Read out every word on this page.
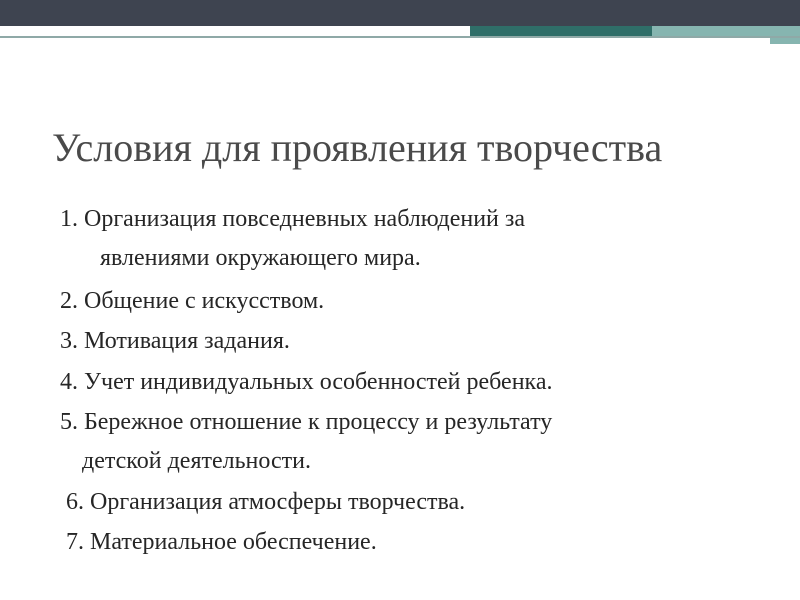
Условия для проявления творчества
1. Организация повседневных наблюдений за
явлениями окружающего мира.
2. Общение с искусством.
3. Мотивация задания.
4. Учет индивидуальных особенностей ребенка.
5. Бережное отношение к процессу и результату
детской деятельности.
6. Организация атмосферы творчества.
7. Материальное обеспечение.
